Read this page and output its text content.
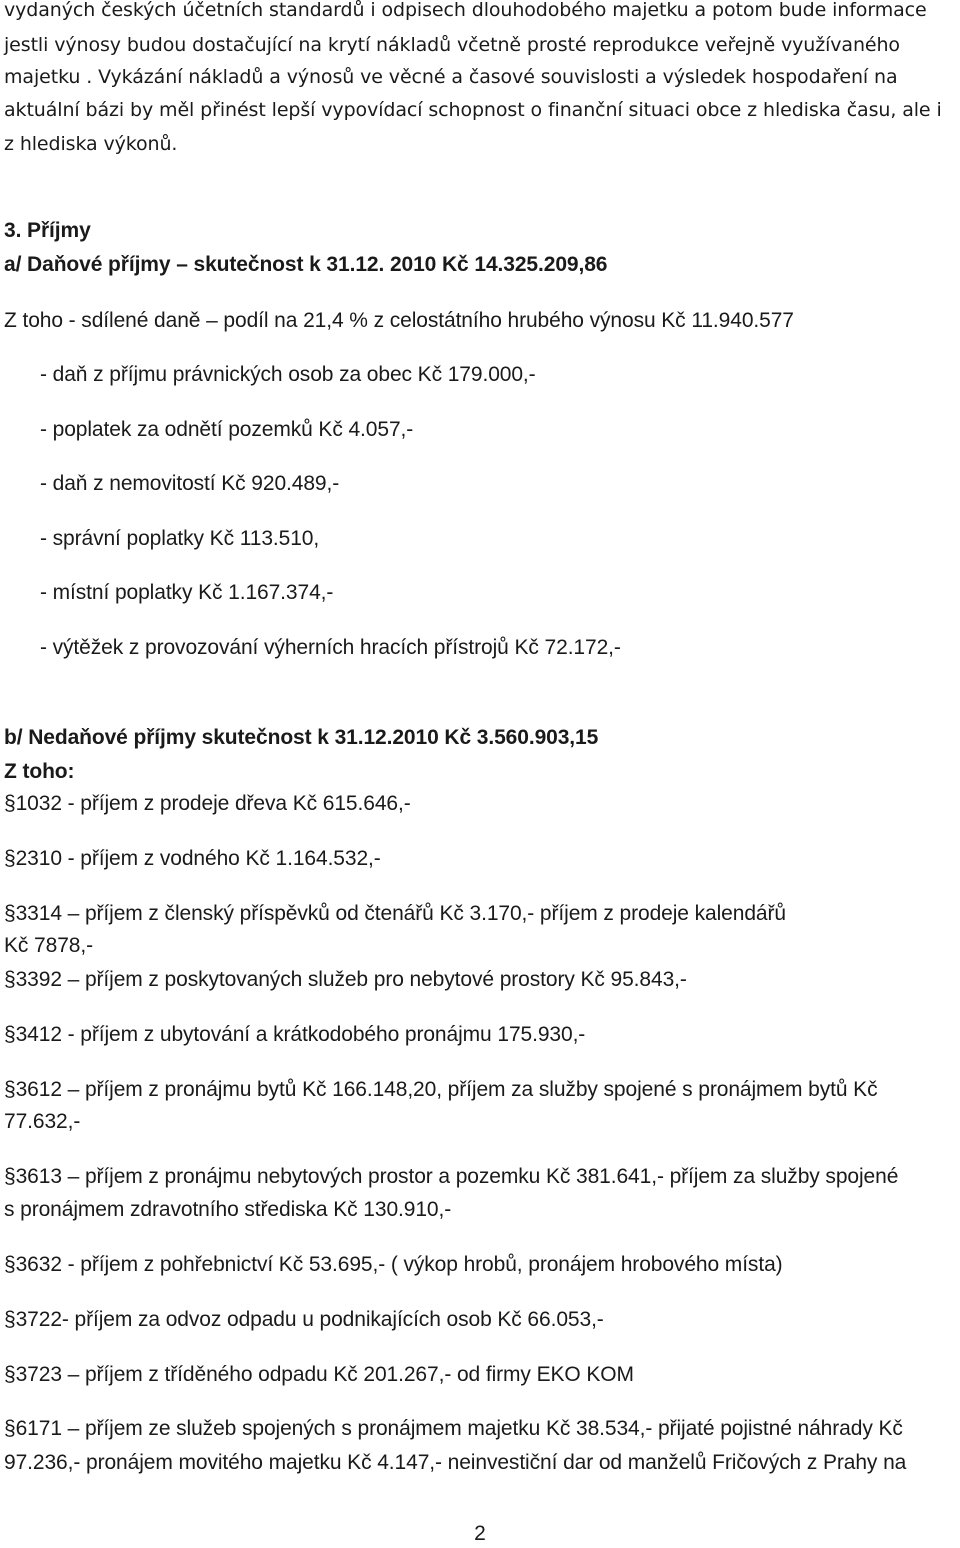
vydaných českých účetních standardů i odpisech dlouhodobého majetku a potom bude informace
jestli výnosy budou dostačující na krytí nákladů včetně prosté reprodukce veřejně využívaného
majetku . Vykázání nákladů a výnosů ve věcné a časové souvislosti a výsledek hospodaření na
aktuální bázi by měl přinést lepší vypovídací schopnost o finanční situaci obce z hlediska času, ale i
z hlediska výkonů.
3. Příjmy
a/ Daňové příjmy – skutečnost k 31.12. 2010 Kč 14.325.209,86
Z toho - sdílené daně – podíl na 21,4 % z celostátního hrubého výnosu Kč 11.940.577
- daň z příjmu právnických osob za obec Kč 179.000,-
- poplatek za odnětí pozemků Kč 4.057,-
- daň z nemovitostí Kč 920.489,-
- správní poplatky Kč 113.510,
- místní poplatky Kč 1.167.374,-
- výtěžek z provozování výherních hracích přístrojů Kč 72.172,-
b/ Nedaňové příjmy skutečnost k 31.12.2010 Kč 3.560.903,15
Z toho:
§1032 - příjem z prodeje dřeva Kč 615.646,-
§2310 - příjem z vodného Kč 1.164.532,-
§3314 – příjem z členský příspěvků od čtenářů Kč 3.170,- příjem z prodeje kalendářů
Kč 7878,-
§3392 – příjem z poskytovaných služeb pro nebytové prostory Kč 95.843,-
§3412 - příjem z ubytování a krátkodobého pronájmu 175.930,-
§3612 – příjem z pronájmu bytů Kč 166.148,20, příjem za služby spojené s pronájmem bytů Kč
77.632,-
§3613 – příjem z pronájmu nebytových prostor a pozemku Kč 381.641,- příjem za služby spojené
s pronájmem zdravotního střediska Kč 130.910,-
§3632 - příjem z pohřebnictví Kč 53.695,- ( výkop hrobů, pronájem hrobového místa)
§3722- příjem za odvoz odpadu u podnikajících osob Kč 66.053,-
§3723 – příjem z tříděného odpadu Kč 201.267,- od firmy EKO KOM
§6171 – příjem ze služeb spojených s pronájmem majetku Kč 38.534,- přijaté pojistné náhrady Kč
97.236,- pronájem movitého majetku Kč 4.147,- neinvestiční dar od manželů Fričových z Prahy na
2
